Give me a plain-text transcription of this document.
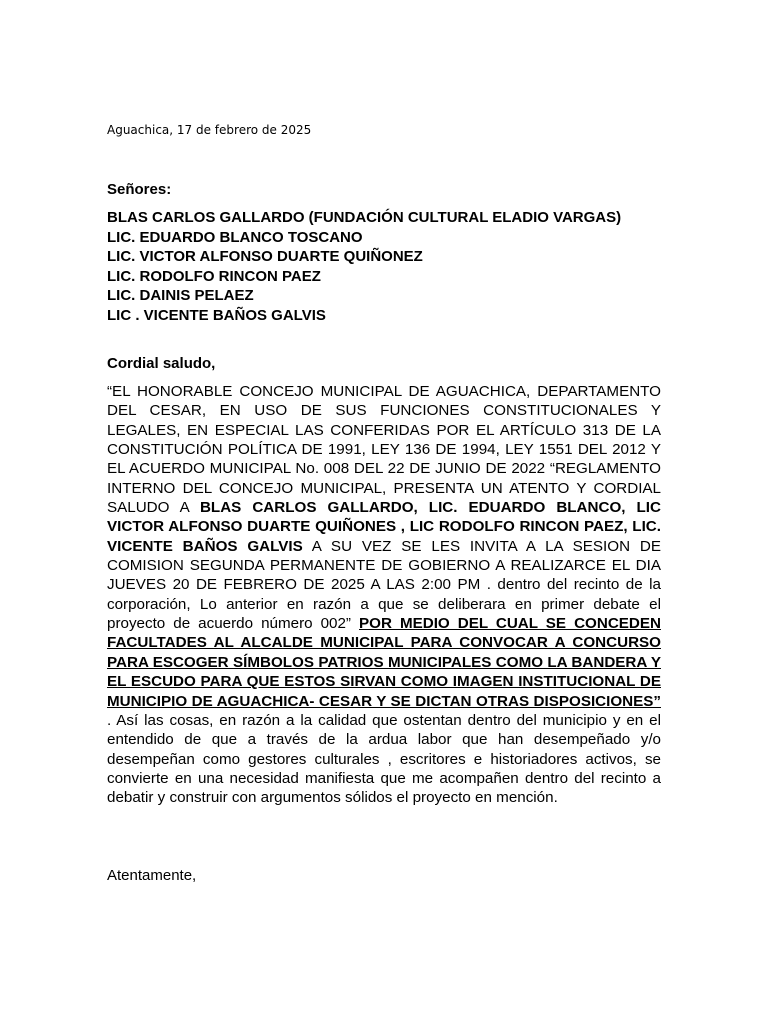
Aguachica, 17 de febrero de 2025
Señores:
BLAS CARLOS GALLARDO (FUNDACIÓN CULTURAL ELADIO VARGAS)
LIC. EDUARDO BLANCO TOSCANO
LIC. VICTOR ALFONSO DUARTE QUIÑONEZ
LIC. RODOLFO RINCON PAEZ
LIC. DAINIS PELAEZ
LIC . VICENTE BAÑOS GALVIS
Cordial saludo,
“EL HONORABLE CONCEJO MUNICIPAL DE AGUACHICA, DEPARTAMENTO DEL CESAR, EN USO DE SUS FUNCIONES CONSTITUCIONALES Y LEGALES, EN ESPECIAL LAS CONFERIDAS POR EL ARTÍCULO 313 DE LA CONSTITUCIÓN POLÍTICA DE 1991, LEY 136 DE 1994, LEY 1551 DEL 2012 Y EL ACUERDO MUNICIPAL No. 008 DEL 22 DE JUNIO DE 2022 “REGLAMENTO INTERNO DEL CONCEJO MUNICIPAL, PRESENTA UN ATENTO Y CORDIAL SALUDO A BLAS CARLOS GALLARDO, LIC. EDUARDO BLANCO, LIC VICTOR ALFONSO DUARTE QUIÑONES , LIC RODOLFO RINCON PAEZ, LIC. VICENTE BAÑOS GALVIS A SU VEZ SE LES INVITA A LA SESION DE COMISION SEGUNDA PERMANENTE DE GOBIERNO A REALIZARCE EL DIA JUEVES 20 DE FEBRERO DE 2025 A LAS 2:00 PM . dentro del recinto de la corporación, Lo anterior en razón a que se deliberara en primer debate el proyecto de acuerdo número 002” POR MEDIO DEL CUAL SE CONCEDEN FACULTADES AL ALCALDE MUNICIPAL PARA CONVOCAR A CONCURSO PARA ESCOGER SÍMBOLOS PATRIOS MUNICIPALES COMO LA BANDERA Y EL ESCUDO PARA QUE ESTOS SIRVAN COMO IMAGEN INSTITUCIONAL DE MUNICIPIO DE AGUACHICA- CESAR Y SE DICTAN OTRAS DISPOSICIONES” . Así las cosas, en razón a la calidad que ostentan dentro del municipio y en el entendido de que a través de la ardua labor que han desempeñado y/o desempeñan como gestores culturales , escritores e historiadores activos, se convierte en una necesidad manifiesta que me acompañen dentro del recinto a debatir y construir con argumentos sólidos el proyecto en mención.
Atentamente,
